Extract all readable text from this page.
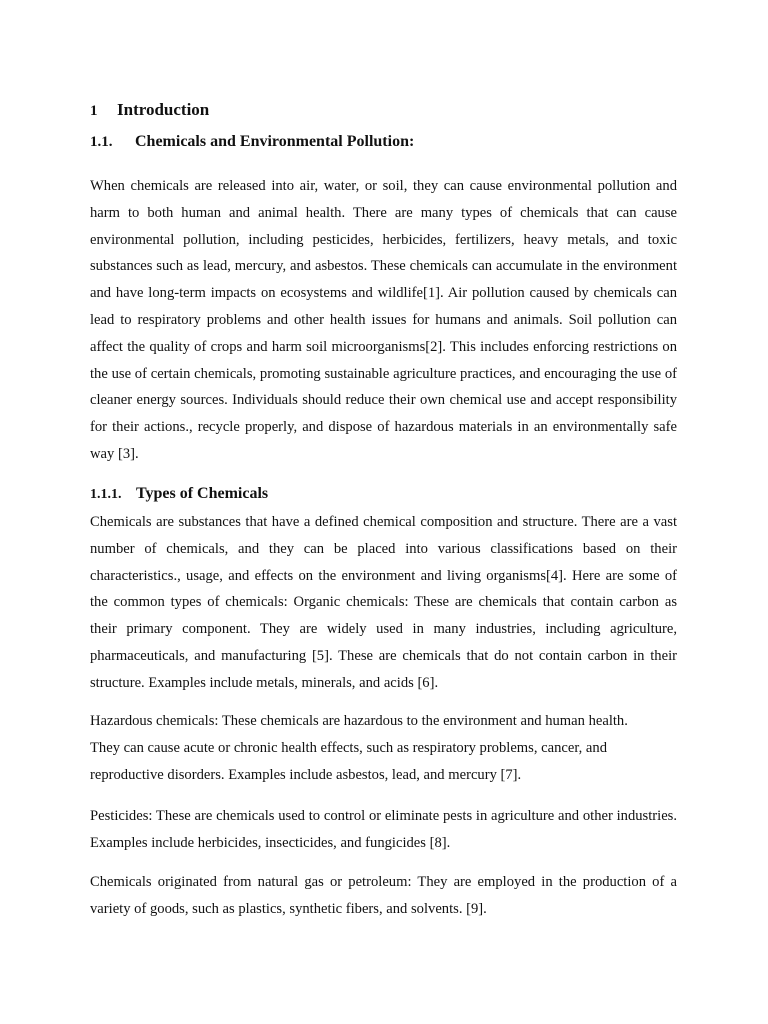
1 Introduction
1.1. Chemicals and Environmental Pollution:

When chemicals are released into air, water, or soil, they can cause environmental pollution and harm to both human and animal health. There are many types of chemicals that can cause environmental pollution, including pesticides, herbicides, fertilizers, heavy metals, and toxic substances such as lead, mercury, and asbestos. These chemicals can accumulate in the environment and have long-term impacts on ecosystems and wildlife[1]. Air pollution caused by chemicals can lead to respiratory problems and other health issues for humans and animals. Soil pollution can affect the quality of crops and harm soil microorganisms[2]. This includes enforcing restrictions on the use of certain chemicals, promoting sustainable agriculture practices, and encouraging the use of cleaner energy sources. Individuals should reduce their own chemical use and accept responsibility for their actions., recycle properly, and dispose of hazardous materials in an environmentally safe way [3].

1.1.1. Types of Chemicals

Chemicals are substances that have a defined chemical composition and structure. There are a vast number of chemicals, and they can be placed into various classifications based on their characteristics., usage, and effects on the environment and living organisms[4]. Here are some of the common types of chemicals: Organic chemicals: These are chemicals that contain carbon as their primary component. They are widely used in many industries, including agriculture, pharmaceuticals, and manufacturing [5]. These are chemicals that do not contain carbon in their structure. Examples include metals, minerals, and acids [6].

Hazardous chemicals: These chemicals are hazardous to the environment and human health.
They can cause acute or chronic health effects, such as respiratory problems, cancer, and
reproductive disorders. Examples include asbestos, lead, and mercury [7].

Pesticides: These are chemicals used to control or eliminate pests in agriculture and other industries. Examples include herbicides, insecticides, and fungicides [8].

Chemicals originated from natural gas or petroleum: They are employed in the production of a variety of goods, such as plastics, synthetic fibers, and solvents. [9].
